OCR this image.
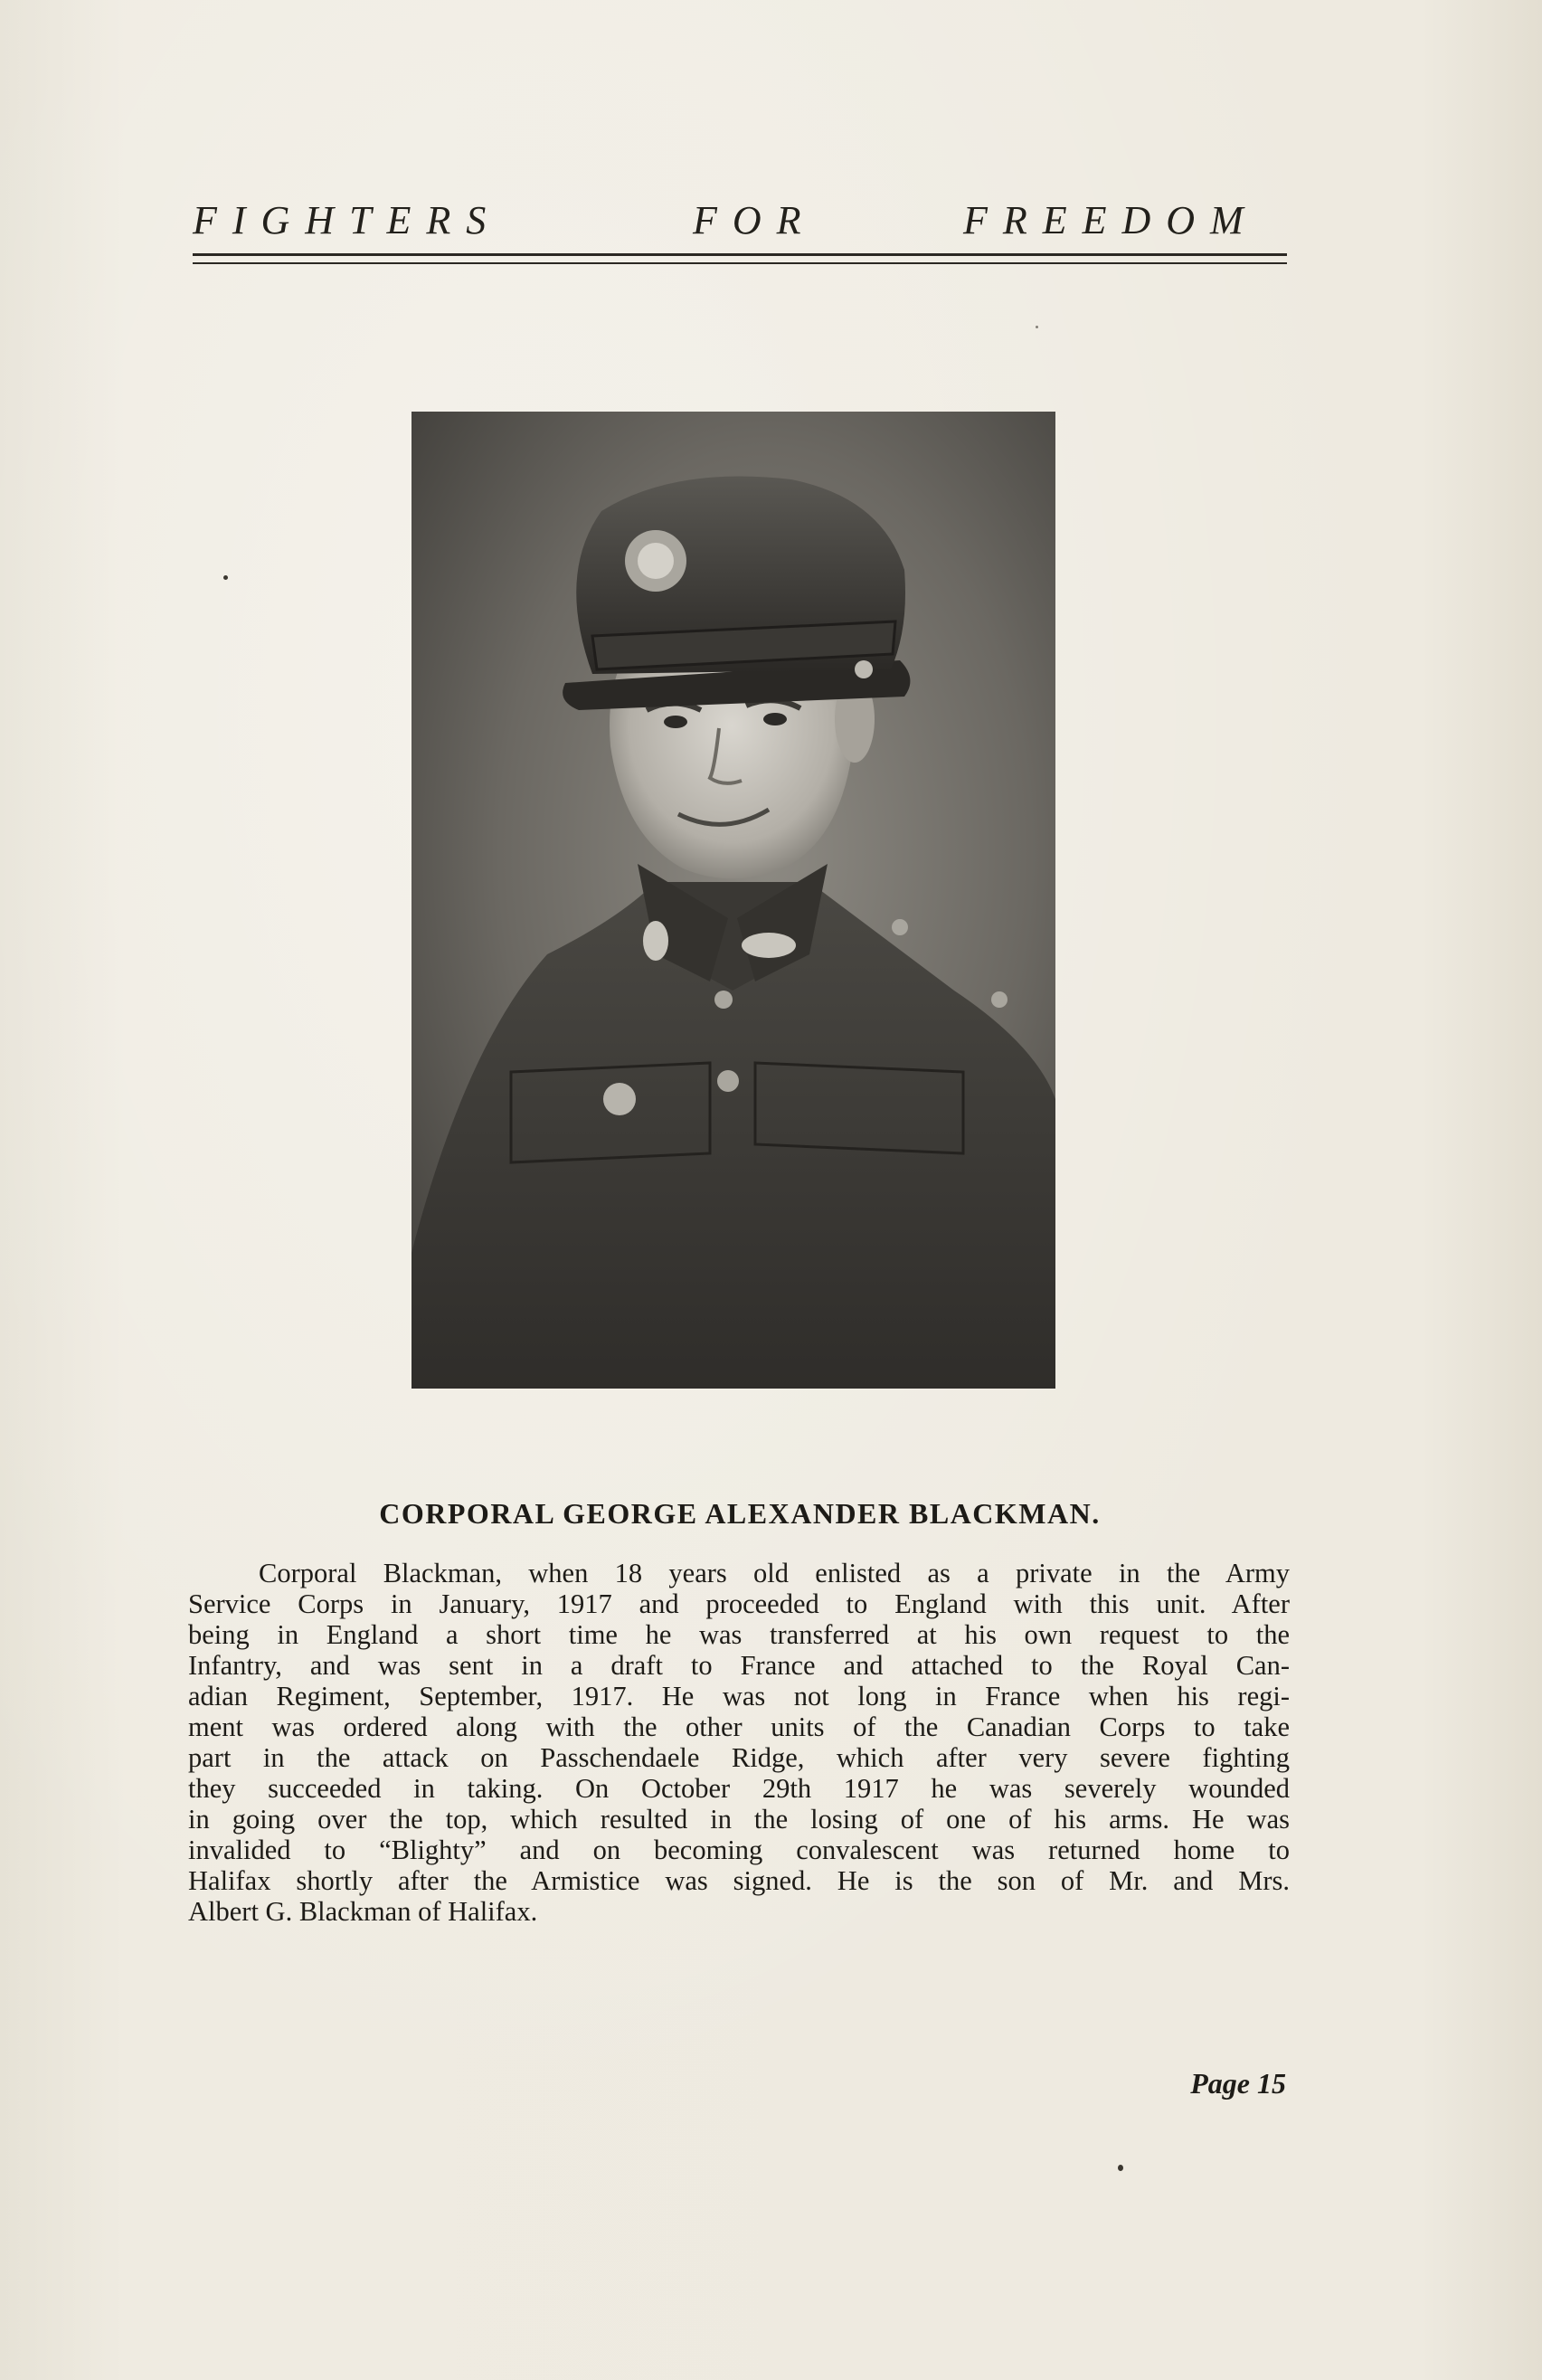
FIGHTERS	FOR	FREEDOM
CORPORAL GEORGE ALEXANDER BLACKMAN.
Corporal Blackman, when 18 years old enlisted as a private in the Army
Service Corps in January, 1917 and proceeded to England with this unit. After
being in England a short time he was transferred at his own request to the
Infantry, and was sent in a draft to France and attached to the Royal Can-
adian Regiment, September, 1917. He was not long in France when his regi-
ment was ordered along with the other units of the Canadian Corps to take
part in the attack on Passchendaele Ridge, which after very severe fighting
they succeeded in taking. On October 29th 1917 he was severely wounded
in going over the top, which resulted in the losing of one of his arms. He was
invalided to “Blighty” and on becoming convalescent was returned home to
Halifax shortly after the Armistice was signed. He is the son of Mr. and Mrs.
Albert G. Blackman of Halifax.
Page 15
